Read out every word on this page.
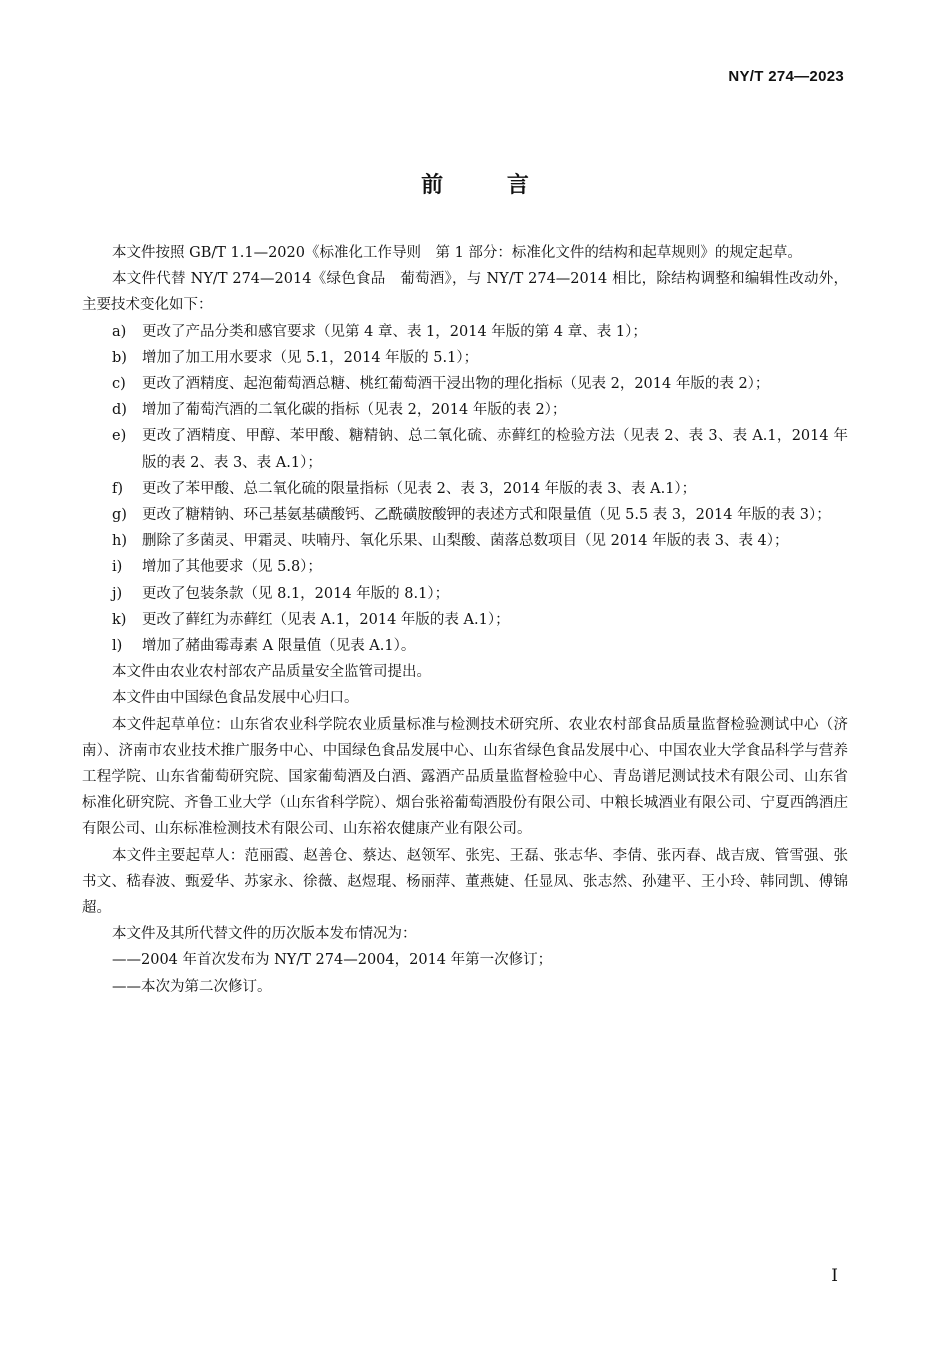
NY/T 274—2023
前 言

本文件按照 GB/T 1.1—2020《标准化工作导则　第 1 部分：标准化文件的结构和起草规则》的规定起草。

本文件代替 NY/T 274—2014《绿色食品　葡萄酒》，与 NY/T 274—2014 相比，除结构调整和编辑性改动外，主要技术变化如下：

a)	更改了产品分类和感官要求（见第 4 章、表 1，2014 年版的第 4 章、表 1）；
b)	增加了加工用水要求（见 5.1，2014 年版的 5.1）；
c)	更改了酒精度、起泡葡萄酒总糖、桃红葡萄酒干浸出物的理化指标（见表 2，2014 年版的表 2）；
d)	增加了葡萄汽酒的二氧化碳的指标（见表 2，2014 年版的表 2）；
e)	更改了酒精度、甲醇、苯甲酸、糖精钠、总二氧化硫、赤藓红的检验方法（见表 2、表 3、表 A.1，2014 年版的表 2、表 3、表 A.1）；
f)	更改了苯甲酸、总二氧化硫的限量指标（见表 2、表 3，2014 年版的表 3、表 A.1）；
g)	更改了糖精钠、环己基氨基磺酸钙、乙酰磺胺酸钾的表述方式和限量值（见 5.5 表 3，2014 年版的表 3）；
h)	删除了多菌灵、甲霜灵、呋喃丹、氧化乐果、山梨酸、菌落总数项目（见 2014 年版的表 3、表 4）；
i)	增加了其他要求（见 5.8）；
j)	更改了包装条款（见 8.1，2014 年版的 8.1）；
k)	更改了藓红为赤藓红（见表 A.1，2014 年版的表 A.1）；
l)	增加了赭曲霉毒素 A 限量值（见表 A.1）。

本文件由农业农村部农产品质量安全监管司提出。

本文件由中国绿色食品发展中心归口。

本文件起草单位：山东省农业科学院农业质量标准与检测技术研究所、农业农村部食品质量监督检验测试中心（济南）、济南市农业技术推广服务中心、中国绿色食品发展中心、山东省绿色食品发展中心、中国农业大学食品科学与营养工程学院、山东省葡萄研究院、国家葡萄酒及白酒、露酒产品质量监督检验中心、青岛谱尼测试技术有限公司、山东省标准化研究院、齐鲁工业大学（山东省科学院）、烟台张裕葡萄酒股份有限公司、中粮长城酒业有限公司、宁夏西鸽酒庄有限公司、山东标准检测技术有限公司、山东裕农健康产业有限公司。

本文件主要起草人：范丽霞、赵善仓、蔡达、赵领军、张宪、王磊、张志华、李倩、张丙春、战吉宬、管雪强、张书文、嵇春波、甄爱华、苏家永、徐薇、赵煜琨、杨丽萍、董燕婕、任显凤、张志然、孙建平、王小玲、韩同凯、傅锦超。

本文件及其所代替文件的历次版本发布情况为：

——2004 年首次发布为 NY/T 274—2004，2014 年第一次修订；

——本次为第二次修订。

I
